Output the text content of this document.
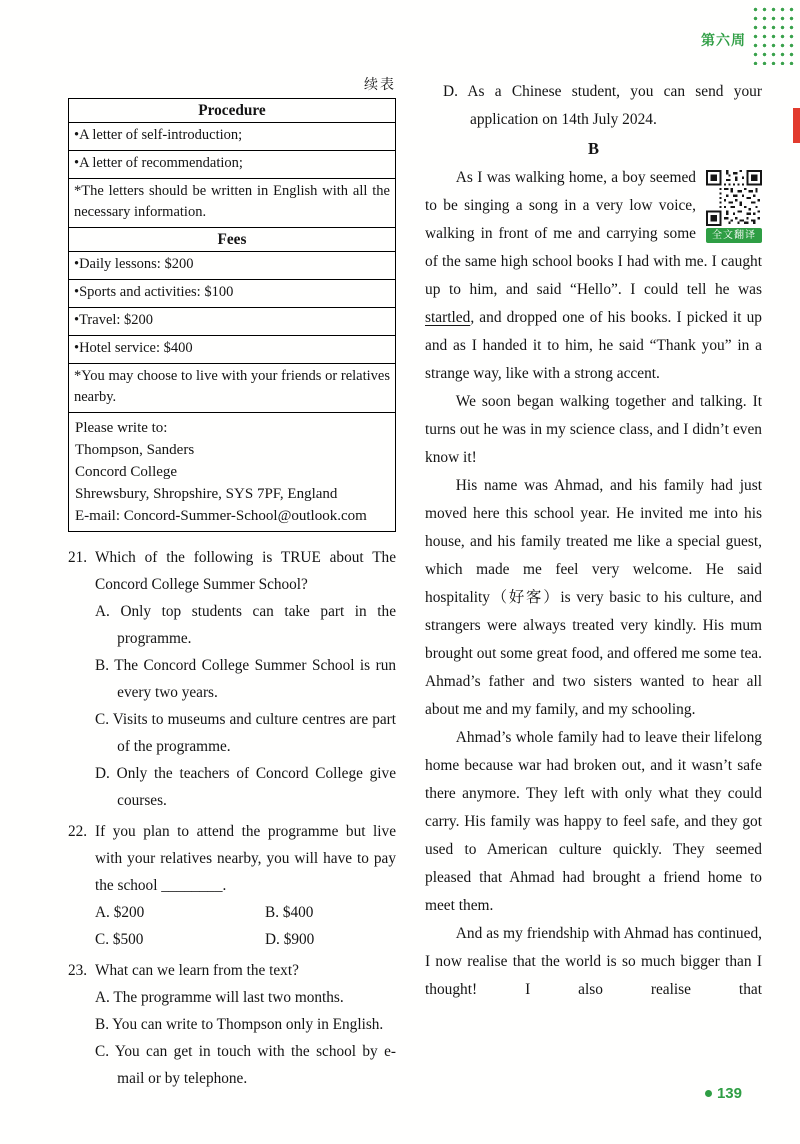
第六周
续表
Procedure
•A letter of self-introduction;
•A letter of recommendation;
*The letters should be written in English with all the necessary information.
Fees
•Daily lessons: $200
•Sports and activities: $100
•Travel: $200
•Hotel service: $400
*You may choose to live with your friends or relatives nearby.

Please write to:
Thompson, Sanders
Concord College
Shrewsbury, Shropshire, SYS 7PF, England
E-mail: Concord-Summer-School@outlook.com
21. Which of the following is TRUE about The Concord College Summer School?
A. Only top students can take part in the programme.
B. The Concord College Summer School is run every two years.
C. Visits to museums and culture centres are part of the programme.
D. Only the teachers of Concord College give courses.
22. If you plan to attend the programme but live with your relatives nearby, you will have to pay the school ________.
A. $200	B. $400
C. $500	D. $900
23. What can we learn from the text?
A. The programme will last two months.
B. You can write to Thompson only in English.
C. You can get in touch with the school by e-mail or by telephone.
D. As a Chinese student, you can send your application on 14th July 2024.
B

全文翻译
As I was walking home, a boy seemed to be singing a song in a very low voice, walking in front of me and carrying some of the same high school books I had with me. I caught up to him, and said “Hello”. I could tell he was startled, and dropped one of his books. I picked it up and as I handed it to him, he said “Thank you” in a strange way, like with a strong accent.

We soon began walking together and talking. It turns out he was in my science class, and I didn’t even know it!

His name was Ahmad, and his family had just moved here this school year. He invited me into his house, and his family treated me like a special guest, which made me feel very welcome. He said hospitality（好客）is very basic to his culture, and strangers were always treated very kindly. His mum brought out some great food, and offered me some tea. Ahmad’s father and two sisters wanted to hear all about me and my family, and my schooling.

Ahmad’s whole family had to leave their lifelong home because war had broken out, and it wasn’t safe there anymore. They left with only what they could carry. His family was happy to feel safe, and they got used to American culture quickly. They seemed pleased that Ahmad had brought a friend home to meet them.

And as my friendship with Ahmad has continued, I now realise that the world is so much bigger than I thought! I also realise that

139
